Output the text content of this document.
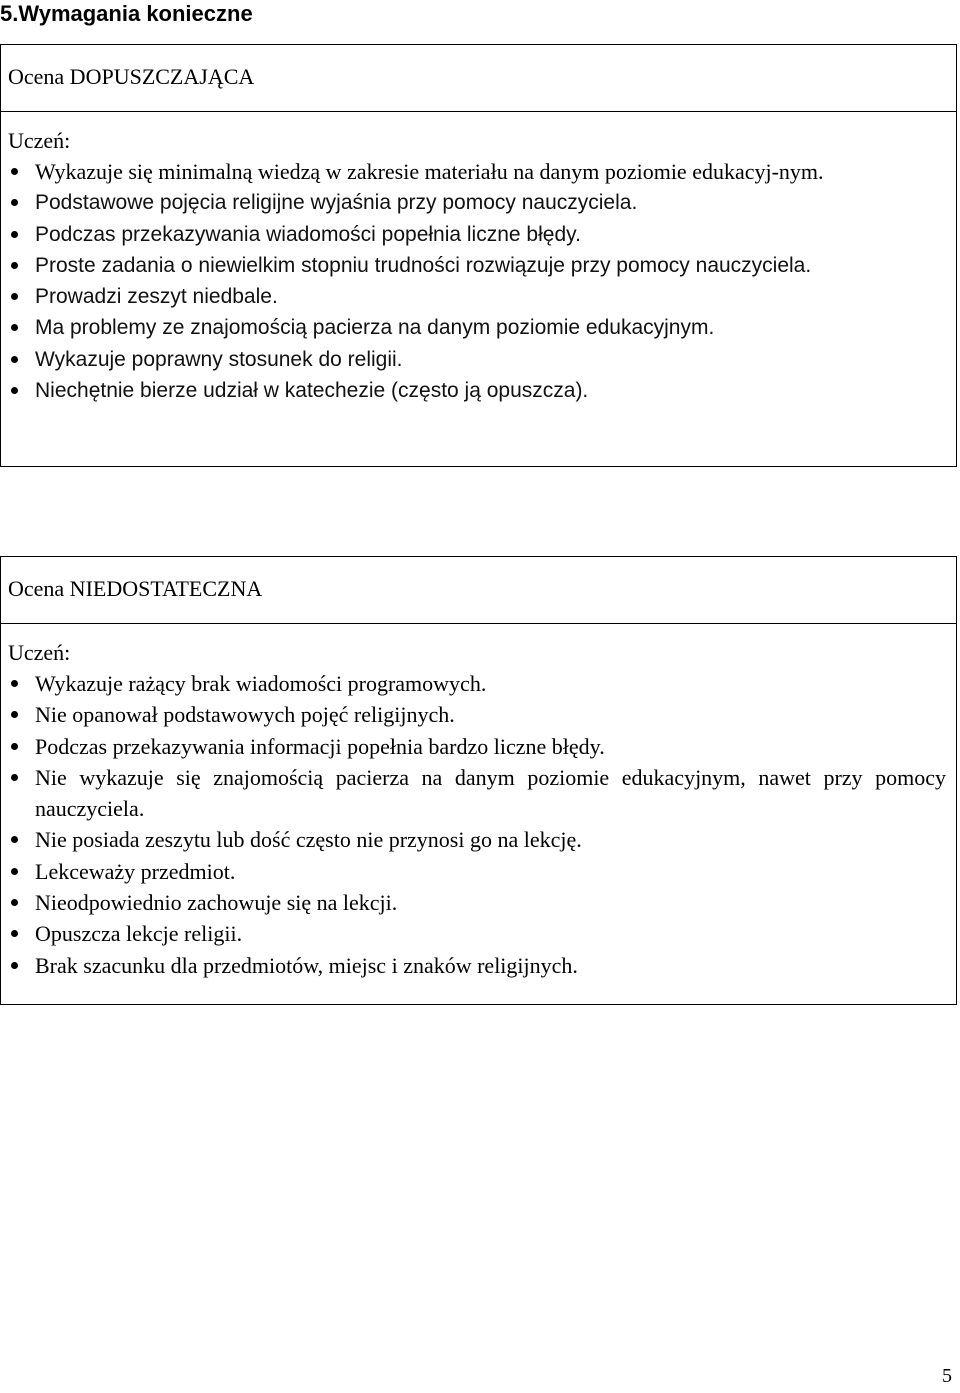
5.Wymagania konieczne
Ocena DOPUSZCZAJĄCA

Uczeń:
Wykazuje się minimalną wiedzą w zakresie materiału na danym poziomie edukacyj-nym.
Podstawowe pojęcia religijne wyjaśnia przy pomocy nauczyciela.
Podczas przekazywania wiadomości popełnia liczne błędy.
Proste zadania o niewielkim stopniu trudności rozwiązuje przy pomocy nauczyciela.
Prowadzi zeszyt niedbale.
Ma problemy ze znajomością pacierza na danym poziomie edukacyjnym.
Wykazuje poprawny stosunek do religii.
Niechętnie bierze udział w katechezie (często ją opuszcza).
Ocena NIEDOSTATECZNA

Uczeń:
Wykazuje rażący brak wiadomości programowych.
Nie opanował podstawowych pojęć religijnych.
Podczas przekazywania informacji popełnia bardzo liczne błędy.
Nie wykazuje się znajomością pacierza na danym poziomie edukacyjnym, nawet przy pomocy nauczyciela.
Nie posiada zeszytu lub dość często nie przynosi go na lekcję.
Lekceważy przedmiot.
Nieodpowiednio zachowuje się na lekcji.
Opuszcza lekcje religii.
Brak szacunku dla przedmiotów, miejsc i znaków religijnych.
5
